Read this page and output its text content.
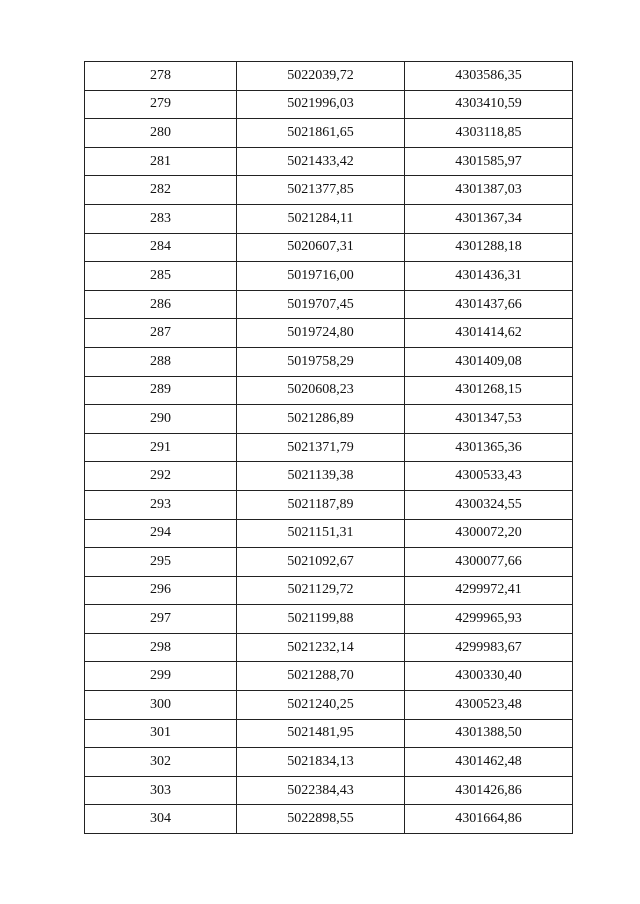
278	5022039,72	4303586,35
279	5021996,03	4303410,59
280	5021861,65	4303118,85
281	5021433,42	4301585,97
282	5021377,85	4301387,03
283	5021284,11	4301367,34
284	5020607,31	4301288,18
285	5019716,00	4301436,31
286	5019707,45	4301437,66
287	5019724,80	4301414,62
288	5019758,29	4301409,08
289	5020608,23	4301268,15
290	5021286,89	4301347,53
291	5021371,79	4301365,36
292	5021139,38	4300533,43
293	5021187,89	4300324,55
294	5021151,31	4300072,20
295	5021092,67	4300077,66
296	5021129,72	4299972,41
297	5021199,88	4299965,93
298	5021232,14	4299983,67
299	5021288,70	4300330,40
300	5021240,25	4300523,48
301	5021481,95	4301388,50
302	5021834,13	4301462,48
303	5022384,43	4301426,86
304	5022898,55	4301664,86
